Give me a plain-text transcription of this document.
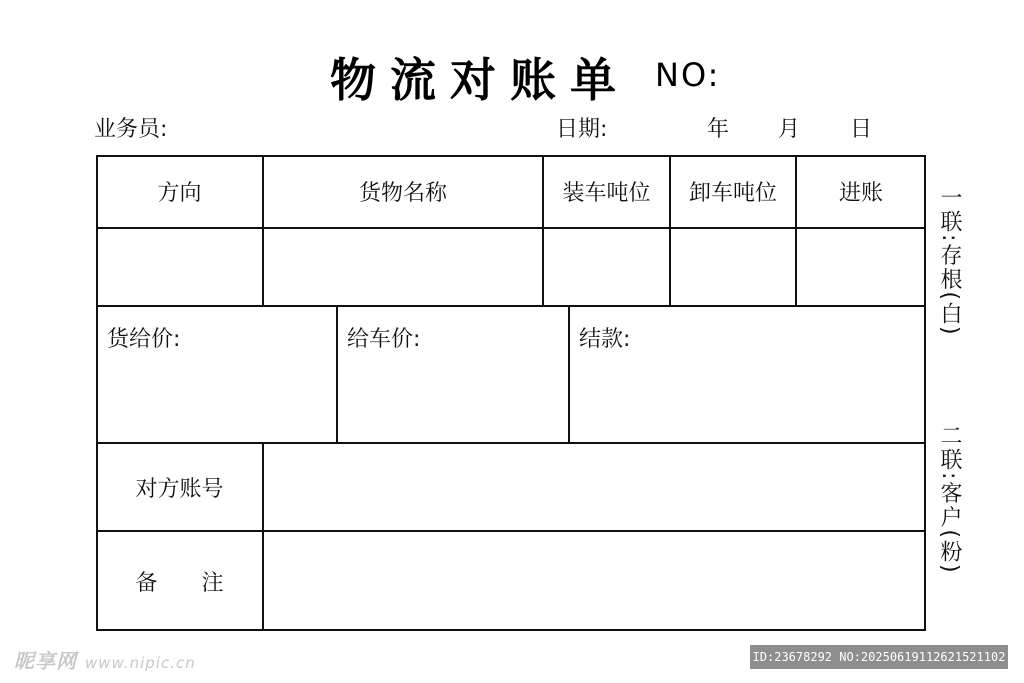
物流对账单 NO:
业务员:	日期:	年 月 日
方向	货物名称	装车吨位	卸车吨位	进账
货给价:	给车价:	结款:
对方账号
备　　注
一联:存根(白)
二联:客户(粉)
昵享网 www.nipic.cn	ID:23678292 NO:20250619112621521102
